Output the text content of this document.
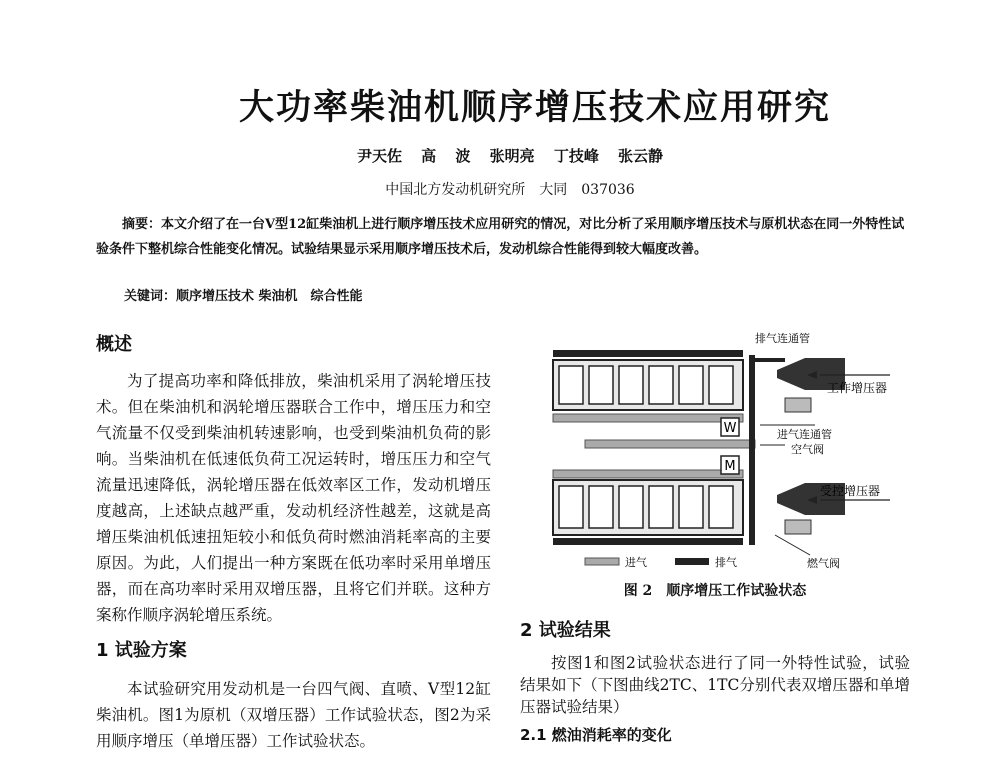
大功率柴油机顺序增压技术应用研究
尹天佐 高 波 张明亮 丁技峰 张云静
中国北方发动机研究所　大同　037036
摘要：本文介绍了在一台V型12缸柴油机上进行顺序增压技术应用研究的情况，对比分析了采用顺序增压技术与原机状态在同一外特性试验条件下整机综合性能变化情况。试验结果显示采用顺序增压技术后，发动机综合性能得到较大幅度改善。
关键词：顺序增压技术 柴油机　综合性能
概述
为了提高功率和降低排放，柴油机采用了涡轮增压技术。但在柴油机和涡轮增压器联合工作中，增压压力和空气流量不仅受到柴油机转速影响，也受到柴油机负荷的影响。当柴油机在低速低负荷工况运转时，增压压力和空气流量迅速降低，涡轮增压器在低效率区工作，发动机增压度越高，上述缺点越严重，发动机经济性越差，这就是高增压柴油机低速扭矩较小和低负荷时燃油消耗率高的主要原因。为此，人们提出一种方案既在低功率时采用单增压器，而在高功率时采用双增压器，且将它们并联。这种方案称作顺序涡轮增压系统。
1 试验方案
本试验研究用发动机是一台四气阀、直喷、V型12缸柴油机。图1为原机（双增压器）工作试验状态，图2为采用顺序增压（单增压器）工作试验状态。
W
M
排气连通管
工作增压器
进气连通管
空气阀
受控增压器
燃气阀
进气	排气
图 2　顺序增压工作试验状态
2 试验结果
按图1和图2试验状态进行了同一外特性试验，试验结果如下（下图曲线2TC、1TC分别代表双增压器和单增压器试验结果）
2.1 燃油消耗率的变化
